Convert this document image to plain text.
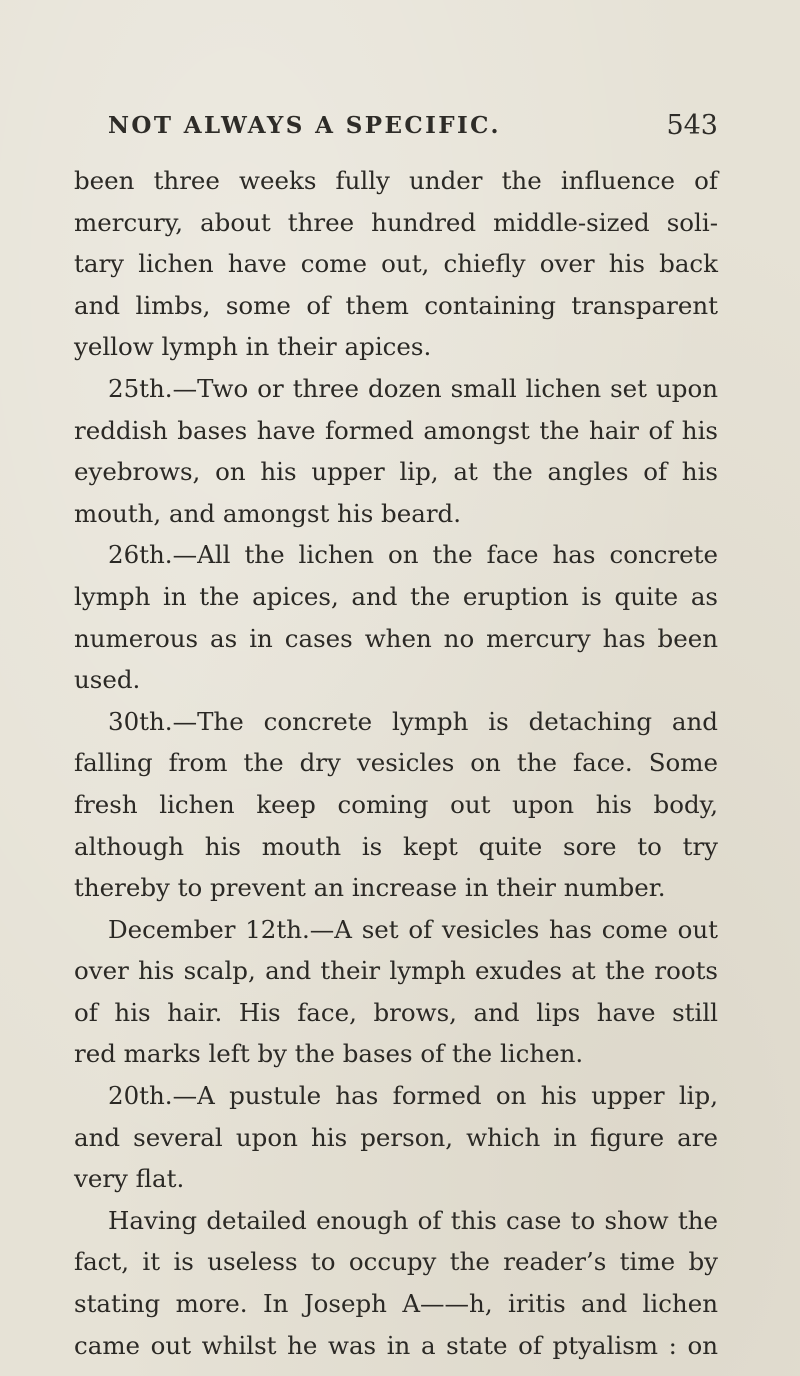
NOT ALWAYS A SPECIFIC.	543
been three weeks fully under the influence of
mercury, about three hundred middle-sized soli-
tary lichen have come out, chiefly over his back
and limbs, some of them containing transparent
yellow lymph in their apices.
25th.—Two or three dozen small lichen set upon
reddish bases have formed amongst the hair of his
eyebrows, on his upper lip, at the angles of his
mouth, and amongst his beard.
26th.—All the lichen on the face has concrete
lymph in the apices, and the eruption is quite as
numerous as in cases when no mercury has been
used.
30th.—The concrete lymph is detaching and
falling from the dry vesicles on the face. Some
fresh lichen keep coming out upon his body,
although his mouth is kept quite sore to try
thereby to prevent an increase in their number.
December 12th.—A set of vesicles has come out
over his scalp, and their lymph exudes at the roots
of his hair. His face, brows, and lips have still
red marks left by the bases of the lichen.
20th.—A pustule has formed on his upper lip,
and several upon his person, which in figure are
very flat.
Having detailed enough of this case to show the
fact, it is useless to occupy the reader’s time by
stating more. In Joseph A——h, iritis and lichen
came out whilst he was in a state of ptyalism : on
